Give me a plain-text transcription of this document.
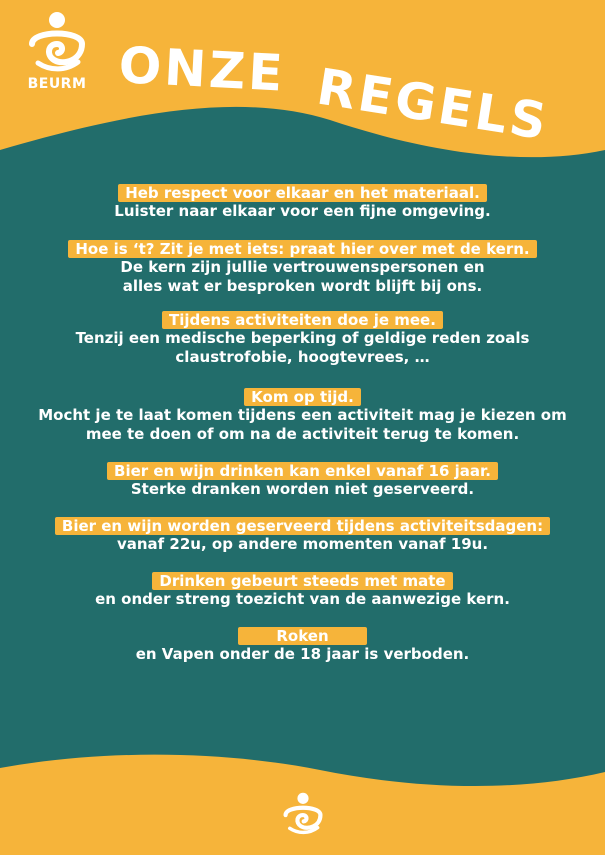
BEURM ONZE REGELS
Heb respect voor elkaar en het materiaal.
Luister naar elkaar voor een fijne omgeving.
Hoe is ‘t? Zit je met iets: praat hier over met de kern.
De kern zijn jullie vertrouwenspersonen en
alles wat er besproken wordt blijft bij ons.
Tijdens activiteiten doe je mee.
Tenzij een medische beperking of geldige reden zoals
claustrofobie, hoogtevrees, …
Kom op tijd.
Mocht je te laat komen tijdens een activiteit mag je kiezen om
mee te doen of om na de activiteit terug te komen.
Bier en wijn drinken kan enkel vanaf 16 jaar.
Sterke dranken worden niet geserveerd.
Bier en wijn worden geserveerd tijdens activiteitsdagen:
vanaf 22u, op andere momenten vanaf 19u.
Drinken gebeurt steeds met mate
en onder streng toezicht van de aanwezige kern.
Roken
en Vapen onder de 18 jaar is verboden.
